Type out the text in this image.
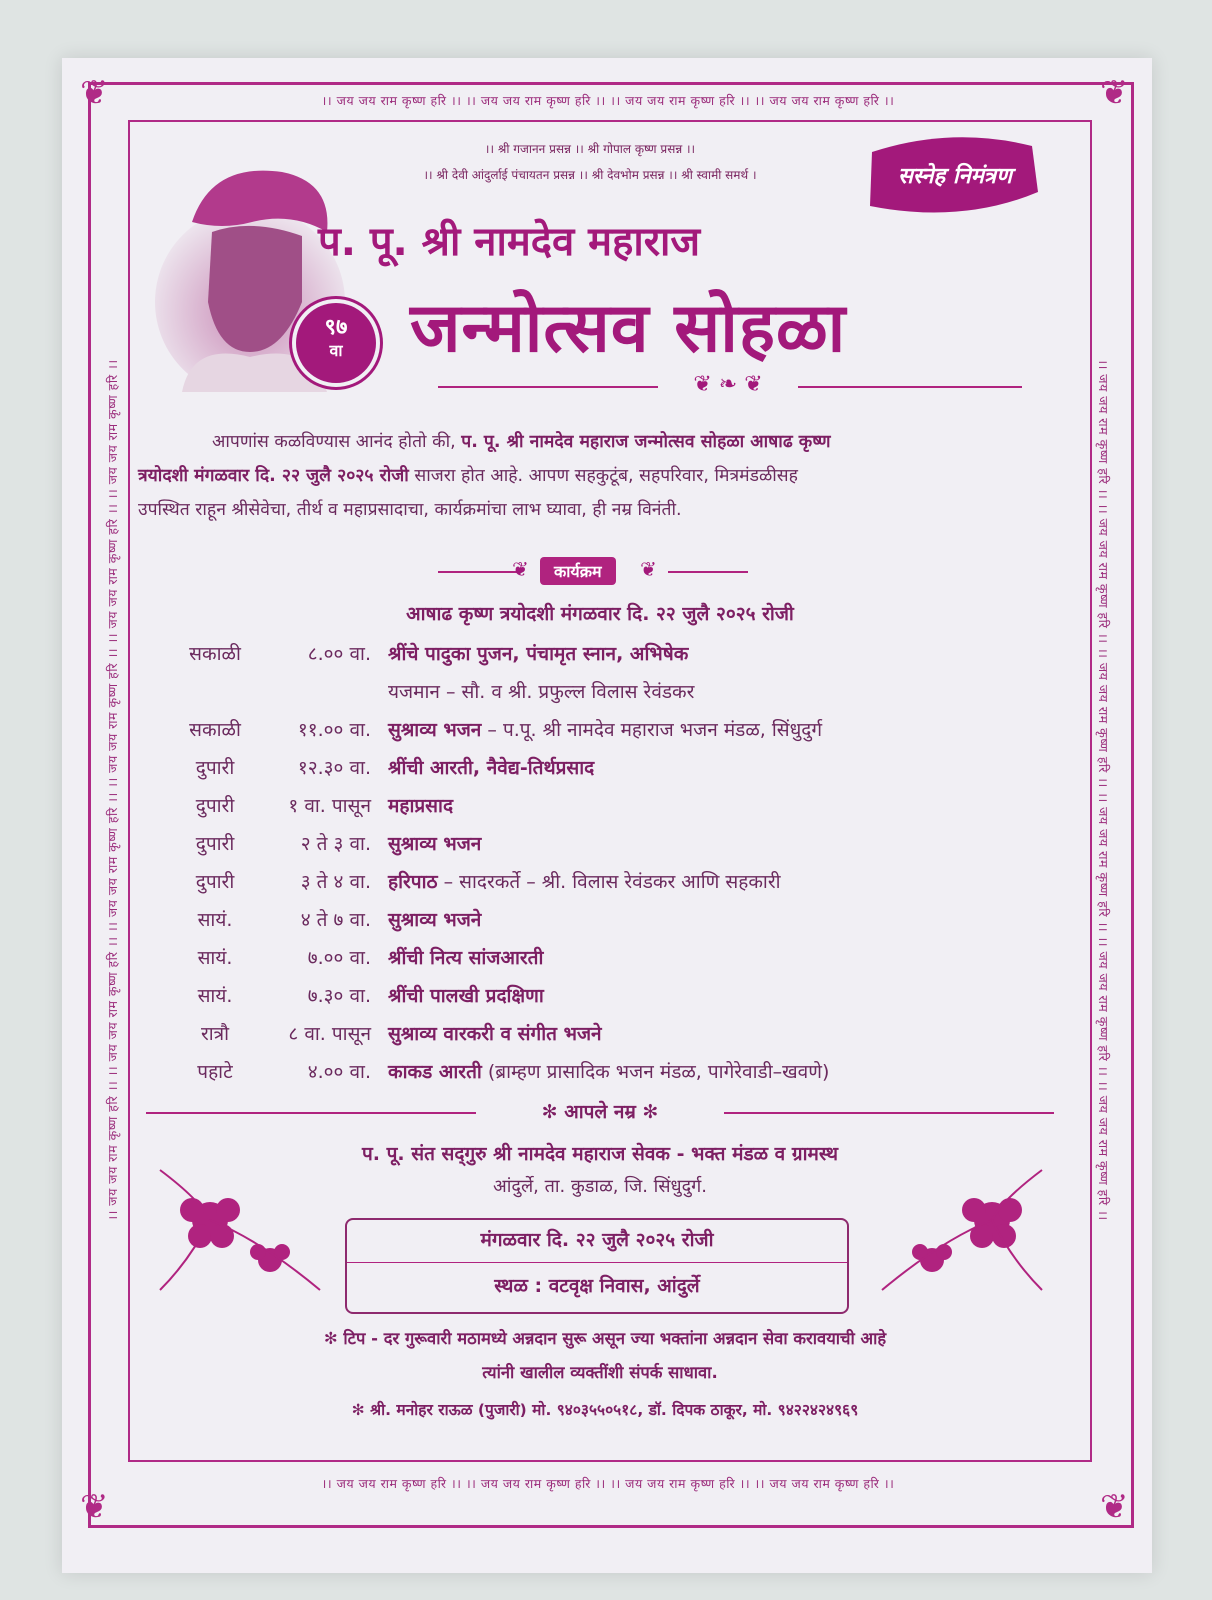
❦	❦
❦	❦
।। जय जय राम कृष्ण हरि ।। ।। जय जय राम कृष्ण हरि ।। ।। जय जय राम कृष्ण हरि ।। ।। जय जय राम कृष्ण हरि ।।
।। जय जय राम कृष्ण हरि ।। ।। जय जय राम कृष्ण हरि ।। ।। जय जय राम कृष्ण हरि ।। ।। जय जय राम कृष्ण हरि ।।
।। जय जय राम कृष्ण हरि ।। ।। जय जय राम कृष्ण हरि ।। ।। जय जय राम कृष्ण हरि ।। ।। जय जय राम कृष्ण हरि ।। ।। जय जय राम कृष्ण हरि ।। ।। जय जय राम कृष्ण हरि ।।	।। जय जय राम कृष्ण हरि ।। ।। जय जय राम कृष्ण हरि ।। ।। जय जय राम कृष्ण हरि ।। ।। जय जय राम कृष्ण हरि ।। ।। जय जय राम कृष्ण हरि ।। ।। जय जय राम कृष्ण हरि ।।
।। श्री गजानन प्रसन्न ।। श्री गोपाल कृष्ण प्रसन्न ।।
।। श्री देवी आंदुर्लाई पंचायतन प्रसन्न ।। श्री देवभोम प्रसन्न ।। श्री स्वामी समर्थ ।	सस्नेह निमंत्रण
९७
वा
प. पू. श्री नामदेव महाराज
जन्मोत्सव सोहळा
❦ ❧ ❦
आपणांस कळविण्यास आनंद होतो की, प. पू. श्री नामदेव महाराज जन्मोत्सव सोहळा आषाढ कृष्ण
त्रयोदशी मंगळवार दि. २२ जुलै २०२५ रोजी साजरा होत आहे. आपण सहकुटूंब, सहपरिवार, मित्रमंडळीसह
उपस्थित राहून श्रीसेवेचा, तीर्थ व महाप्रसादाचा, कार्यक्रमांचा लाभ घ्यावा, ही नम्र विनंती.
❦	कार्यक्रम	❦
आषाढ कृष्ण त्रयोदशी मंगळवार दि. २२ जुलै २०२५ रोजी
सकाळी	८.०० वा. श्रींचे पादुका पुजन, पंचामृत स्नान, अभिषेक
यजमान – सौ. व श्री. प्रफुल्ल विलास रेवंडकर
सकाळी	११.०० वा. सुश्राव्य भजन – प.पू. श्री नामदेव महाराज भजन मंडळ, सिंधुदुर्ग
दुपारी	१२.३० वा. श्रींची आरती, नैवेद्य-तिर्थप्रसाद
दुपारी	१ वा. पासून महाप्रसाद
दुपारी	२ ते ३ वा. सुश्राव्य भजन
दुपारी	३ ते ४ वा. हरिपाठ – सादरकर्ते – श्री. विलास रेवंडकर आणि सहकारी
सायं.	४ ते ७ वा. सुश्राव्य भजने
सायं.	७.०० वा. श्रींची नित्य सांजआरती
सायं.	७.३० वा. श्रींची पालखी प्रदक्षिणा
रात्रौ	८ वा. पासून सुश्राव्य वारकरी व संगीत भजने
पहाटे	४.०० वा. काकड आरती (ब्राम्हण प्रासादिक भजन मंडळ, पागेरेवाडी–खवणे)
✻ आपले नम्र ✻
प. पू. संत सद्‌गुरु श्री नामदेव महाराज सेवक - भक्त मंडळ व ग्रामस्थ
आंदुर्ले, ता. कुडाळ, जि. सिंधुदुर्ग.
मंगळवार दि. २२ जुलै २०२५ रोजी
स्थळ : वटवृक्ष निवास, आंदुर्ले
✻ टिप - दर गुरूवारी मठामध्ये अन्नदान सुरू असून ज्या भक्तांना अन्नदान सेवा करावयाची आहे
त्यांनी खालील व्यक्तींशी संपर्क साधावा.
✻ श्री. मनोहर राऊळ (पुजारी) मो. ९४०३५५०५१८, डॉ. दिपक ठाकूर, मो. ९४२२४२४९६९
